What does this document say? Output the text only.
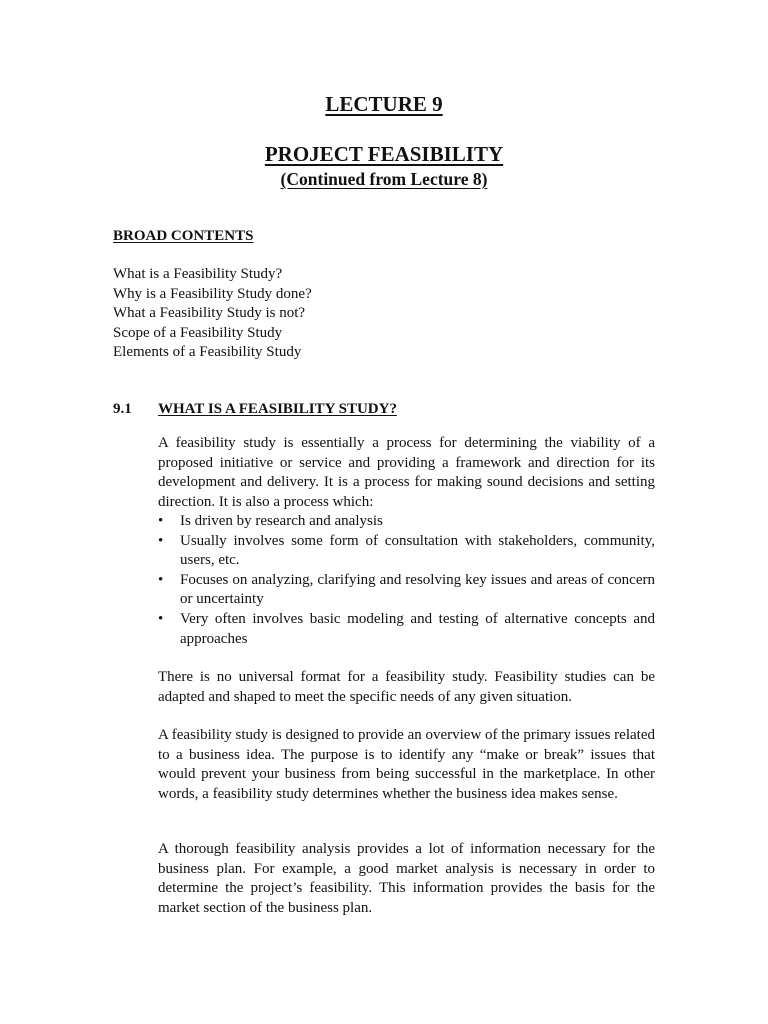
LECTURE 9
PROJECT FEASIBILITY
(Continued from Lecture 8)
BROAD CONTENTS
What is a Feasibility Study?
Why is a Feasibility Study done?
What a Feasibility Study is not?
Scope of a Feasibility Study
Elements of a Feasibility Study
9.1 WHAT IS A FEASIBILITY STUDY?

A feasibility study is essentially a process for determining the viability of a proposed initiative or service and providing a framework and direction for its development and delivery. It is a process for making sound decisions and setting direction. It is also a process which:

•	Is driven by research and analysis
•	Usually involves some form of consultation with stakeholders, community, users, etc.
•	Focuses on analyzing, clarifying and resolving key issues and areas of concern or uncertainty
•	Very often involves basic modeling and testing of alternative concepts and approaches

There is no universal format for a feasibility study. Feasibility studies can be adapted and shaped to meet the specific needs of any given situation.

A feasibility study is designed to provide an overview of the primary issues related to a business idea. The purpose is to identify any “make or break” issues that would prevent your business from being successful in the marketplace. In other words, a feasibility study determines whether the business idea makes sense.

A thorough feasibility analysis provides a lot of information necessary for the business plan. For example, a good market analysis is necessary in order to determine the project’s feasibility. This information provides the basis for the market section of the business plan.
